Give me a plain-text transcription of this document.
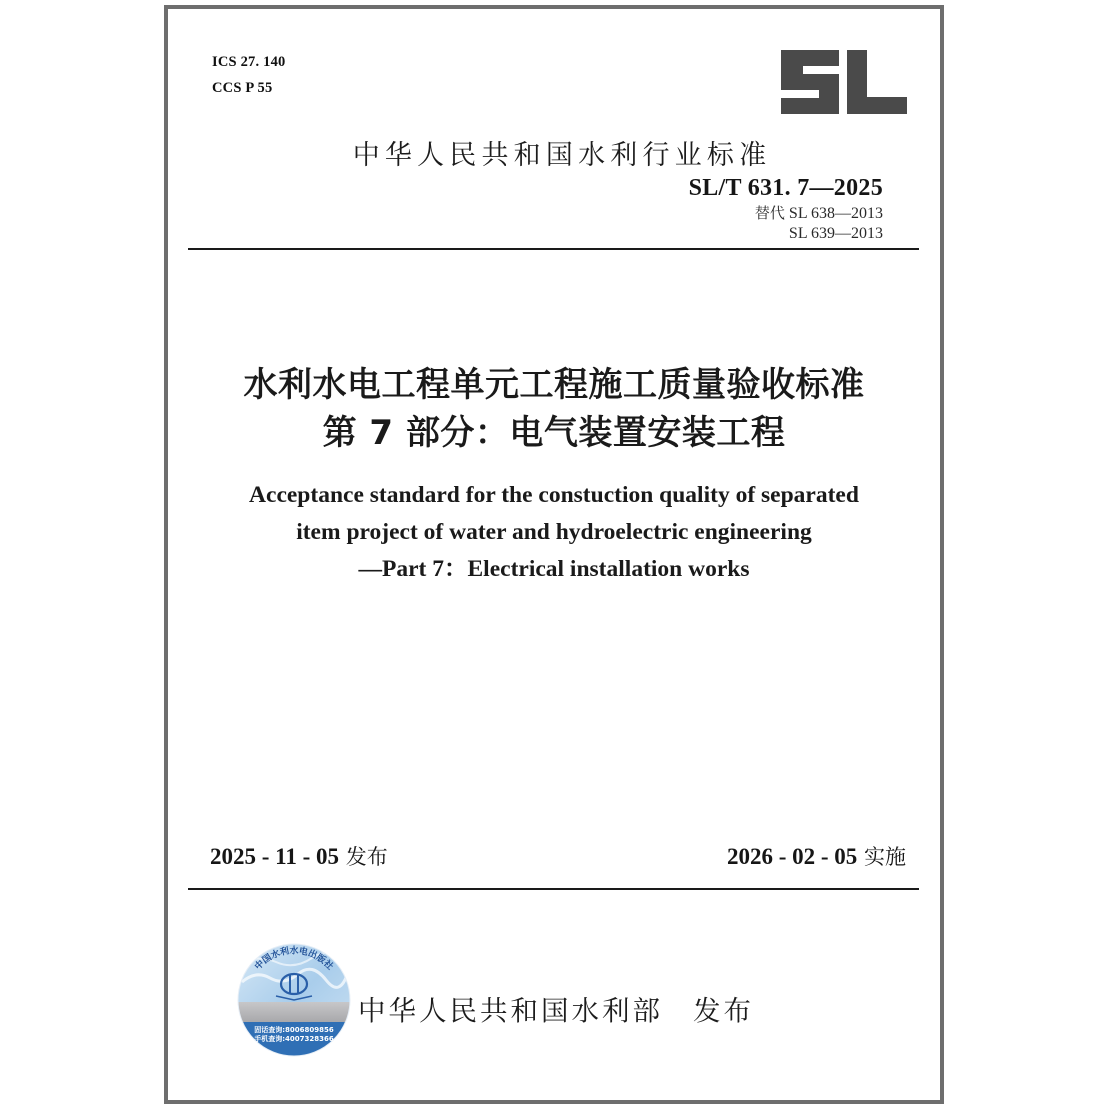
ICS 27. 140
CCS P 55
中华人民共和国水利行业标准
SL/T 631. 7—2025
替代 SL 638—2013
SL 639—2013
水利水电工程单元工程施工质量验收标准
第 7 部分：电气装置安装工程
Acceptance standard for the constuction quality of separated
item project of water and hydroelectric engineering
—Part 7：Electrical installation works
2025 - 11 - 05 发布	2026 - 02 - 05 实施
固话查询:8006809856
手机查询:4007328366
中国水利水电出版社
中华人民共和国水利部 发布
